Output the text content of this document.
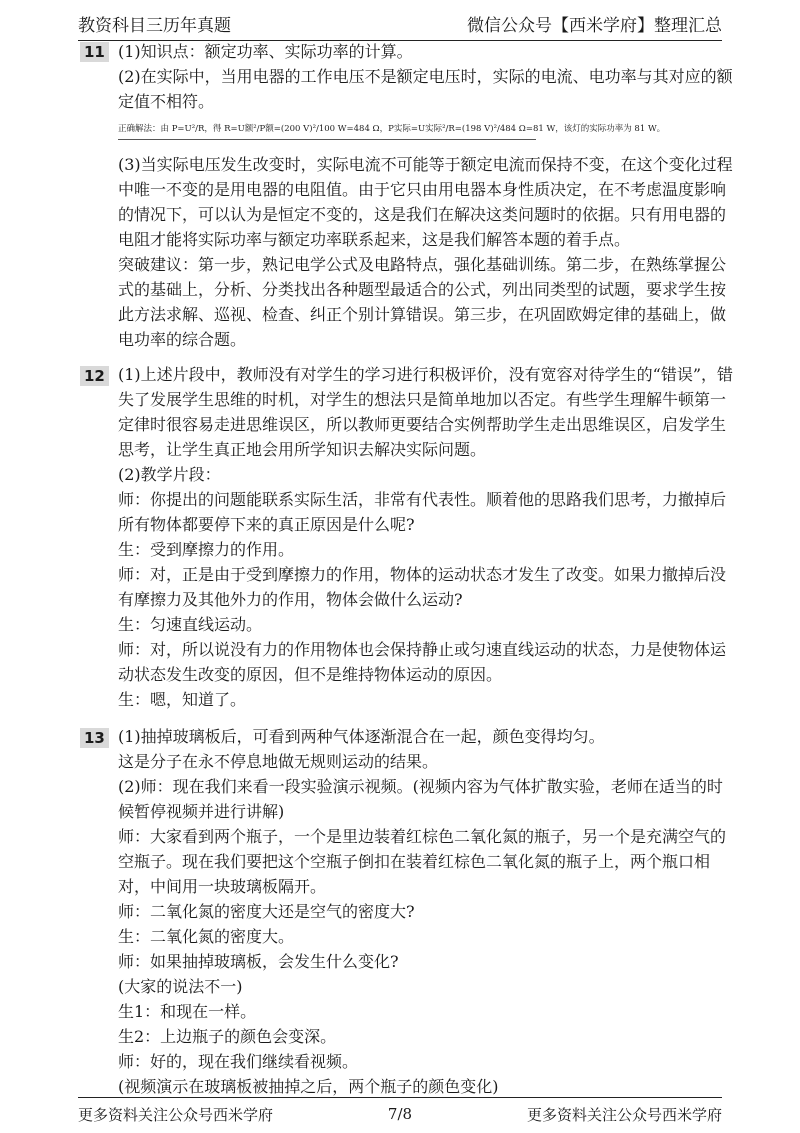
教资科目三历年真题	微信公众号【西米学府】整理汇总
11 (1)知识点：额定功率、实际功率的计算。
(2)在实际中，当用电器的工作电压不是额定电压时，实际的电流、电功率与其对应的额
定值不相符。
正确解法：由 P=U²/R，得 R=U额²/P额=(200 V)²/100 W=484 Ω，P实际=U实际²/R=(198 V)²/484 Ω=81 W，该灯的实际功率为 81 W。
(3)当实际电压发生改变时，实际电流不可能等于额定电流而保持不变，在这个变化过程
中唯一不变的是用电器的电阻值。由于它只由用电器本身性质决定，在不考虑温度影响
的情况下，可以认为是恒定不变的，这是我们在解决这类问题时的依据。只有用电器的
电阻才能将实际功率与额定功率联系起来，这是我们解答本题的着手点。
突破建议：第一步，熟记电学公式及电路特点，强化基础训练。第二步，在熟练掌握公
式的基础上，分析、分类找出各种题型最适合的公式，列出同类型的试题，要求学生按
此方法求解、巡视、检查、纠正个别计算错误。第三步，在巩固欧姆定律的基础上，做
电功率的综合题。
12 (1)上述片段中，教师没有对学生的学习进行积极评价，没有宽容对待学生的“错误”，错
失了发展学生思维的时机，对学生的想法只是简单地加以否定。有些学生理解牛顿第一
定律时很容易走进思维误区，所以教师更要结合实例帮助学生走出思维误区，启发学生
思考，让学生真正地会用所学知识去解决实际问题。
(2)教学片段：
师：你提出的问题能联系实际生活，非常有代表性。顺着他的思路我们思考，力撤掉后
所有物体都要停下来的真正原因是什么呢?
生：受到摩擦力的作用。
师：对，正是由于受到摩擦力的作用，物体的运动状态才发生了改变。如果力撤掉后没
有摩擦力及其他外力的作用，物体会做什么运动?
生：匀速直线运动。
师：对，所以说没有力的作用物体也会保持静止或匀速直线运动的状态，力是使物体运
动状态发生改变的原因，但不是维持物体运动的原因。
生：嗯，知道了。
13 (1)抽掉玻璃板后，可看到两种气体逐渐混合在一起，颜色变得均匀。
这是分子在永不停息地做无规则运动的结果。
(2)师：现在我们来看一段实验演示视频。(视频内容为气体扩散实验，老师在适当的时
候暂停视频并进行讲解)
师：大家看到两个瓶子，一个是里边装着红棕色二氧化氮的瓶子，另一个是充满空气的
空瓶子。现在我们要把这个空瓶子倒扣在装着红棕色二氧化氮的瓶子上，两个瓶口相
对，中间用一块玻璃板隔开。
师：二氧化氮的密度大还是空气的密度大?
生：二氧化氮的密度大。
师：如果抽掉玻璃板，会发生什么变化?
(大家的说法不一)
生1：和现在一样。
生2：上边瓶子的颜色会变深。
师：好的，现在我们继续看视频。
(视频演示在玻璃板被抽掉之后，两个瓶子的颜色变化)
更多资料关注公众号西米学府	7/8	更多资料关注公众号西米学府
